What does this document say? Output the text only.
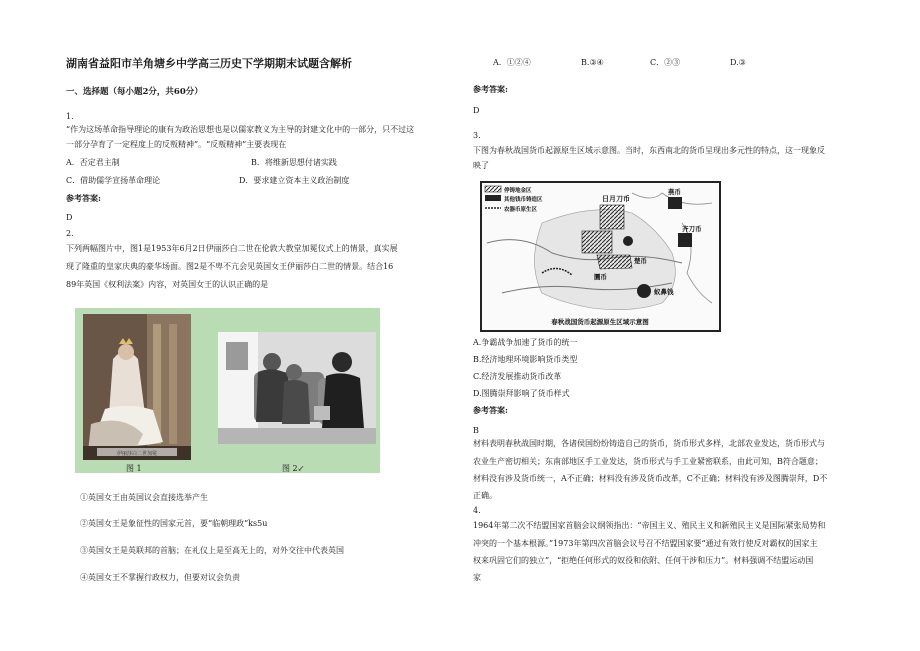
湖南省益阳市羊角塘乡中学高三历史下学期期末试题含解析
一、选择题（每小题2分，共60分）
1.
“作为这场革命指导理论的康有为政治思想也是以儒家教义为主导的封建文化中的一部分，只不过这
一部分孕育了一定程度上的反叛精神”。“反叛精神”主要表现在
A．否定君主制	B．将维新思想付诸实践
C．借助儒学宣扬革命理论	D．要求建立资本主义政治制度
参考答案:
D
2.
下列两幅图片中，图1是1953年6月2日伊丽莎白二世在伦敦大教堂加冕仪式上的情景，真实展
现了隆重的皇家庆典的豪华场面。图2是不卑不亢会见英国女王伊丽莎白二世的情景。结合16
89年英国《权利法案》内容，对英国女王的认识正确的是
伊丽莎白二世加冕
图 1	图 2↙
①英国女王由英国议会直接选举产生
②英国女王是象征性的国家元首，要“临朝理政”ks5u
③英国女王是英联邦的首脑；在礼仪上是至高无上的，对外交往中代表英国
④英国女王不掌握行政权力，但要对议会负责
A．①②④	B.③④	C．②③	D.③
参考答案:
D
3.
下图为春秋战国货币起源原生区域示意图。当时，东西南北的货币呈现出多元性的特点，这一现象反
映了
停铸地金区
其他钱币铸造区
农器币原生区
日月刀币
燕币
齐刀币
楚币
圜币
蚁鼻钱
春秋战国货币起源原生区域示意图
A.争霸战争加速了货币的统一
B.经济地理环境影响货币类型
C.经济发展推动货币改革
D.图腾崇拜影响了货币样式
参考答案:
B
材料表明春秋战国时期，各诸侯国纷纷铸造自己的货币，货币形式多样，北部农业发达，货币形式与
农业生产密切相关；东南部地区手工业发达，货币形式与手工业紧密联系，由此可知，B符合题意；
材料没有涉及货币统一，A不正确；材料没有涉及货币改革，C不正确；材料没有涉及图腾崇拜，D不
正确。
4.
1964年第二次不结盟国家首脑会议纲领指出：“帝国主义、殖民主义和新殖民主义是国际紧张局势和
冲突的一个基本根源。”1973年第四次首脑会议号召不结盟国家要“通过有效行使反对霸权的国家主
权来巩固它们的独立”，“拒绝任何形式的奴役和依附、任何干涉和压力”。材料强调不结盟运动国
家
